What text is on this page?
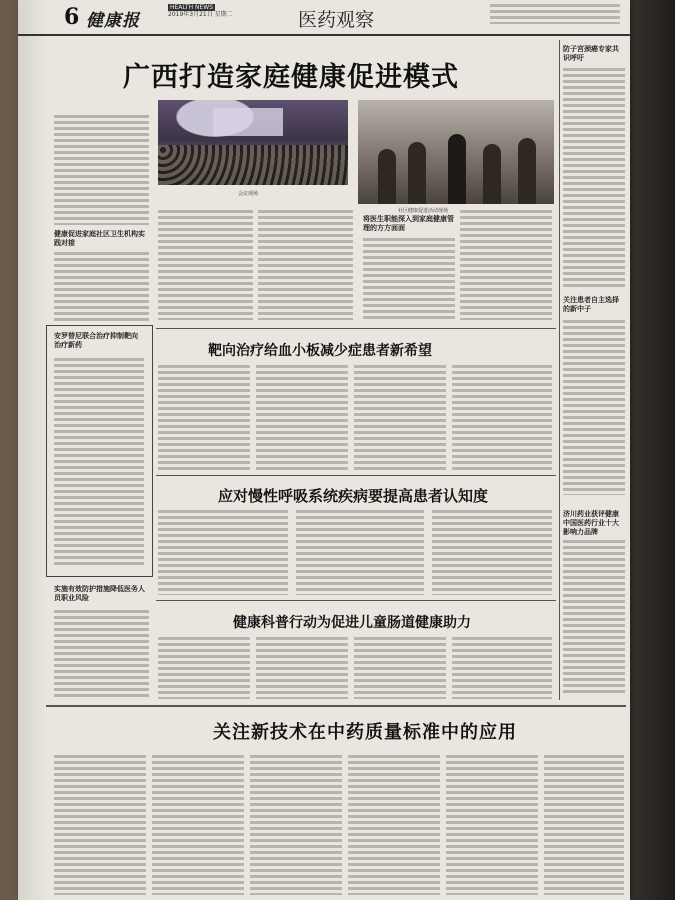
6 健康报
HEALTH NEWS
2019年3月21日 星期二	医药观察
广西打造家庭健康促进模式
会议现场
社区健康促进活动现场
健康促进家庭社区卫生机构实践对接
将医生职能深入到家庭健康管理的方方面面
防子宫颈癌专家共识呼吁
关注患者自主选择的新中子
济川药业获评健康中国医药行业十大影响力品牌
安罗替尼联合治疗抑制靶向治疗新药
实施有效防护措施降低医务人员职业风险
靶向治疗给血小板减少症患者新希望
应对慢性呼吸系统疾病要提高患者认知度
健康科普行动为促进儿童肠道健康助力
关注新技术在中药质量标准中的应用
